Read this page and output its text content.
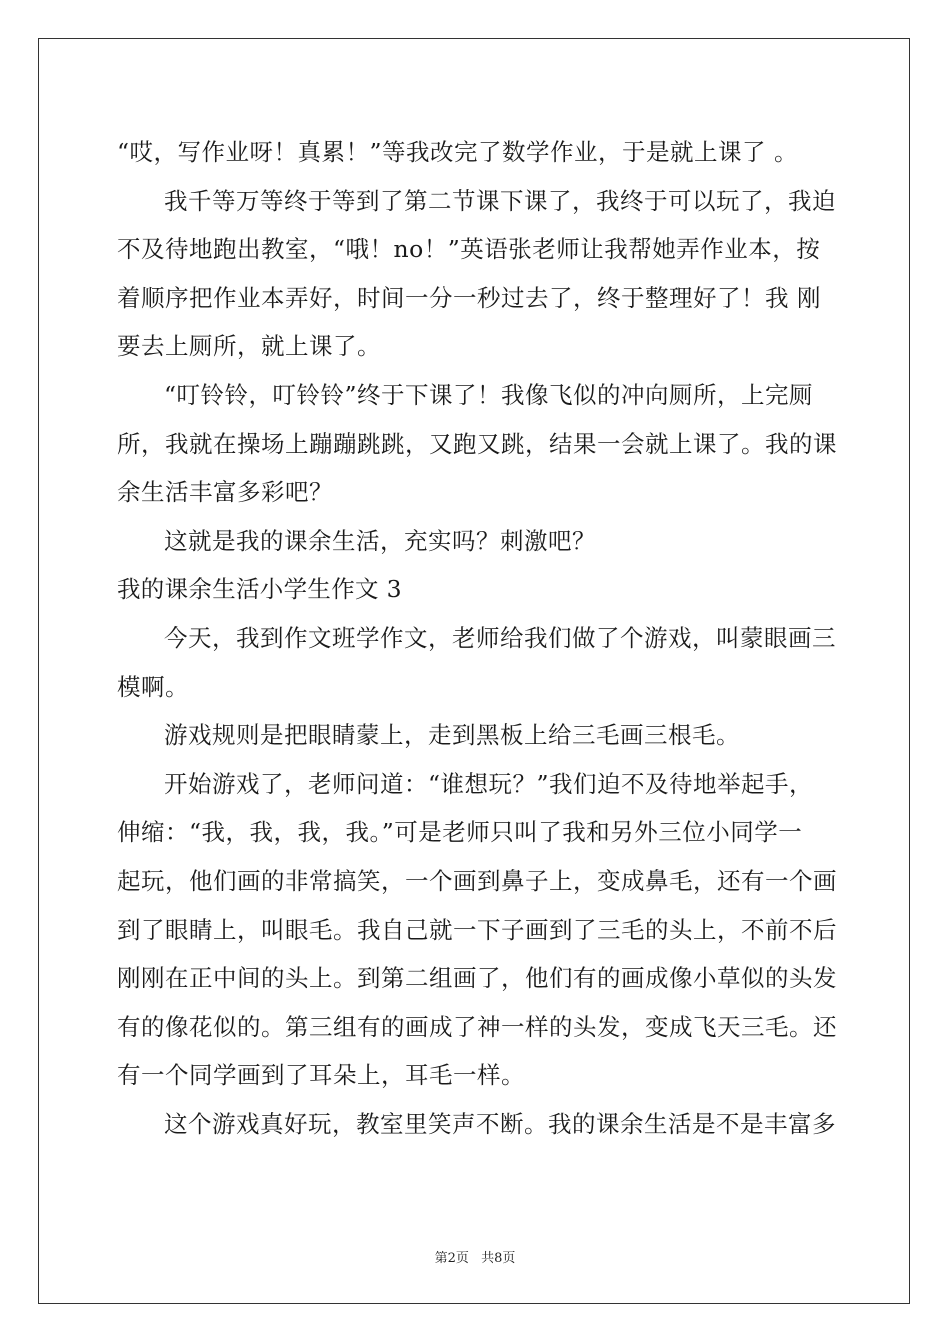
“哎，写作业呀！真累！”等我改完了数学作业，于是就上课了 。
我千等万等终于等到了第二节课下课了，我终于可以玩了，我迫
不及待地跑出教室，“哦！no！”英语张老师让我帮她弄作业本，按
着顺序把作业本弄好，时间一分一秒过去了，终于整理好了！我 刚
要去上厕所，就上课了。
“叮铃铃，叮铃铃”终于下课了！我像飞似的冲向厕所，上完厕
所，我就在操场上蹦蹦跳跳，又跑又跳，结果一会就上课了。我的课
余生活丰富多彩吧？
这就是我的课余生活，充实吗？刺激吧？
我的课余生活小学生作文 3
今天，我到作文班学作文，老师给我们做了个游戏，叫蒙眼画三
模啊。
游戏规则是把眼睛蒙上，走到黑板上给三毛画三根毛。
开始游戏了，老师问道：“谁想玩？”我们迫不及待地举起手，
伸缩：“我，我，我，我。”可是老师只叫了我和另外三位小同学一
起玩，他们画的非常搞笑，一个画到鼻子上，变成鼻毛，还有一个画
到了眼睛上，叫眼毛。我自己就一下子画到了三毛的头上，不前不后
刚刚在正中间的头上。到第二组画了，他们有的画成像小草似的头发
有的像花似的。第三组有的画成了神一样的头发，变成飞天三毛。还
有一个同学画到了耳朵上，耳毛一样。
这个游戏真好玩，教室里笑声不断。我的课余生活是不是丰富多
第2页 共8页
